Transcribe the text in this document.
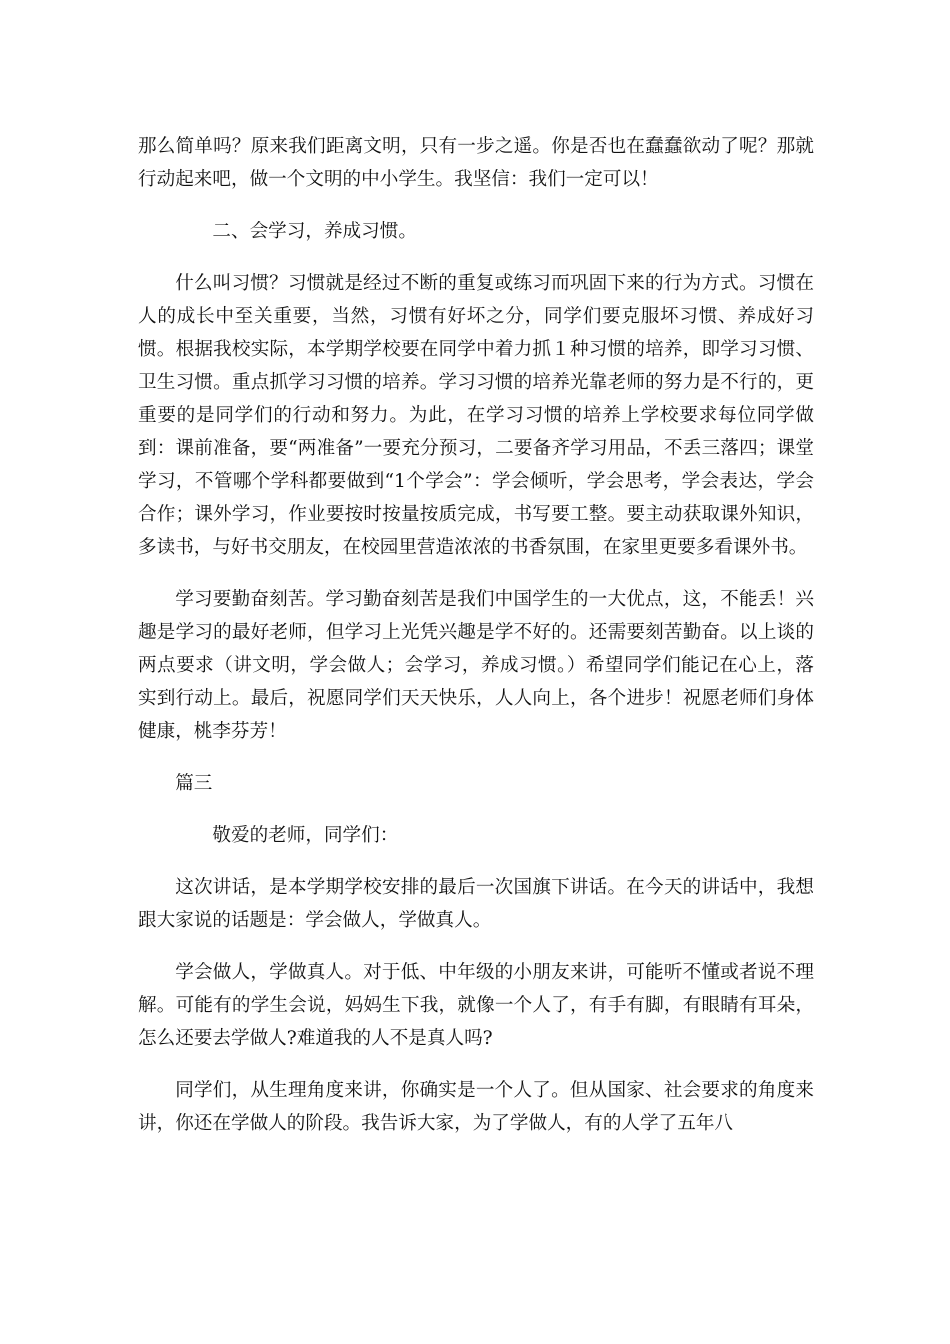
那么简单吗？原来我们距离文明，只有一步之遥。你是否也在蠢蠢欲动了呢？那就行动起来吧，做一个文明的中小学生。我坚信：我们一定可以！

二、会学习，养成习惯。

什么叫习惯？习惯就是经过不断的重复或练习而巩固下来的行为方式。习惯在人的成长中至关重要，当然，习惯有好坏之分，同学们要克服坏习惯、养成好习惯。根据我校实际，本学期学校要在同学中着力抓１种习惯的培养，即学习习惯、卫生习惯。重点抓学习习惯的培养。学习习惯的培养光靠老师的努力是不行的，更重要的是同学们的行动和努力。为此，在学习习惯的培养上学校要求每位同学做到：课前准备，要“两准备”一要充分预习，二要备齐学习用品，不丢三落四；课堂学习，不管哪个学科都要做到“1个学会”：学会倾听，学会思考，学会表达，学会合作；课外学习，作业要按时按量按质完成，书写要工整。要主动获取课外知识，多读书，与好书交朋友，在校园里营造浓浓的书香氛围，在家里更要多看课外书。

学习要勤奋刻苦。学习勤奋刻苦是我们中国学生的一大优点，这，不能丢！兴趣是学习的最好老师，但学习上光凭兴趣是学不好的。还需要刻苦勤奋。以上谈的两点要求（讲文明，学会做人；会学习，养成习惯。）希望同学们能记在心上，落实到行动上。最后，祝愿同学们天天快乐，人人向上，各个进步！祝愿老师们身体健康，桃李芬芳！

篇三

敬爱的老师，同学们：

这次讲话，是本学期学校安排的最后一次国旗下讲话。在今天的讲话中，我想跟大家说的话题是：学会做人，学做真人。

学会做人，学做真人。对于低、中年级的小朋友来讲，可能听不懂或者说不理解。可能有的学生会说，妈妈生下我，就像一个人了，有手有脚，有眼睛有耳朵，怎么还要去学做人?难道我的人不是真人吗?

同学们，从生理角度来讲，你确实是一个人了。但从国家、社会要求的角度来讲，你还在学做人的阶段。我告诉大家，为了学做人，有的人学了五年八
